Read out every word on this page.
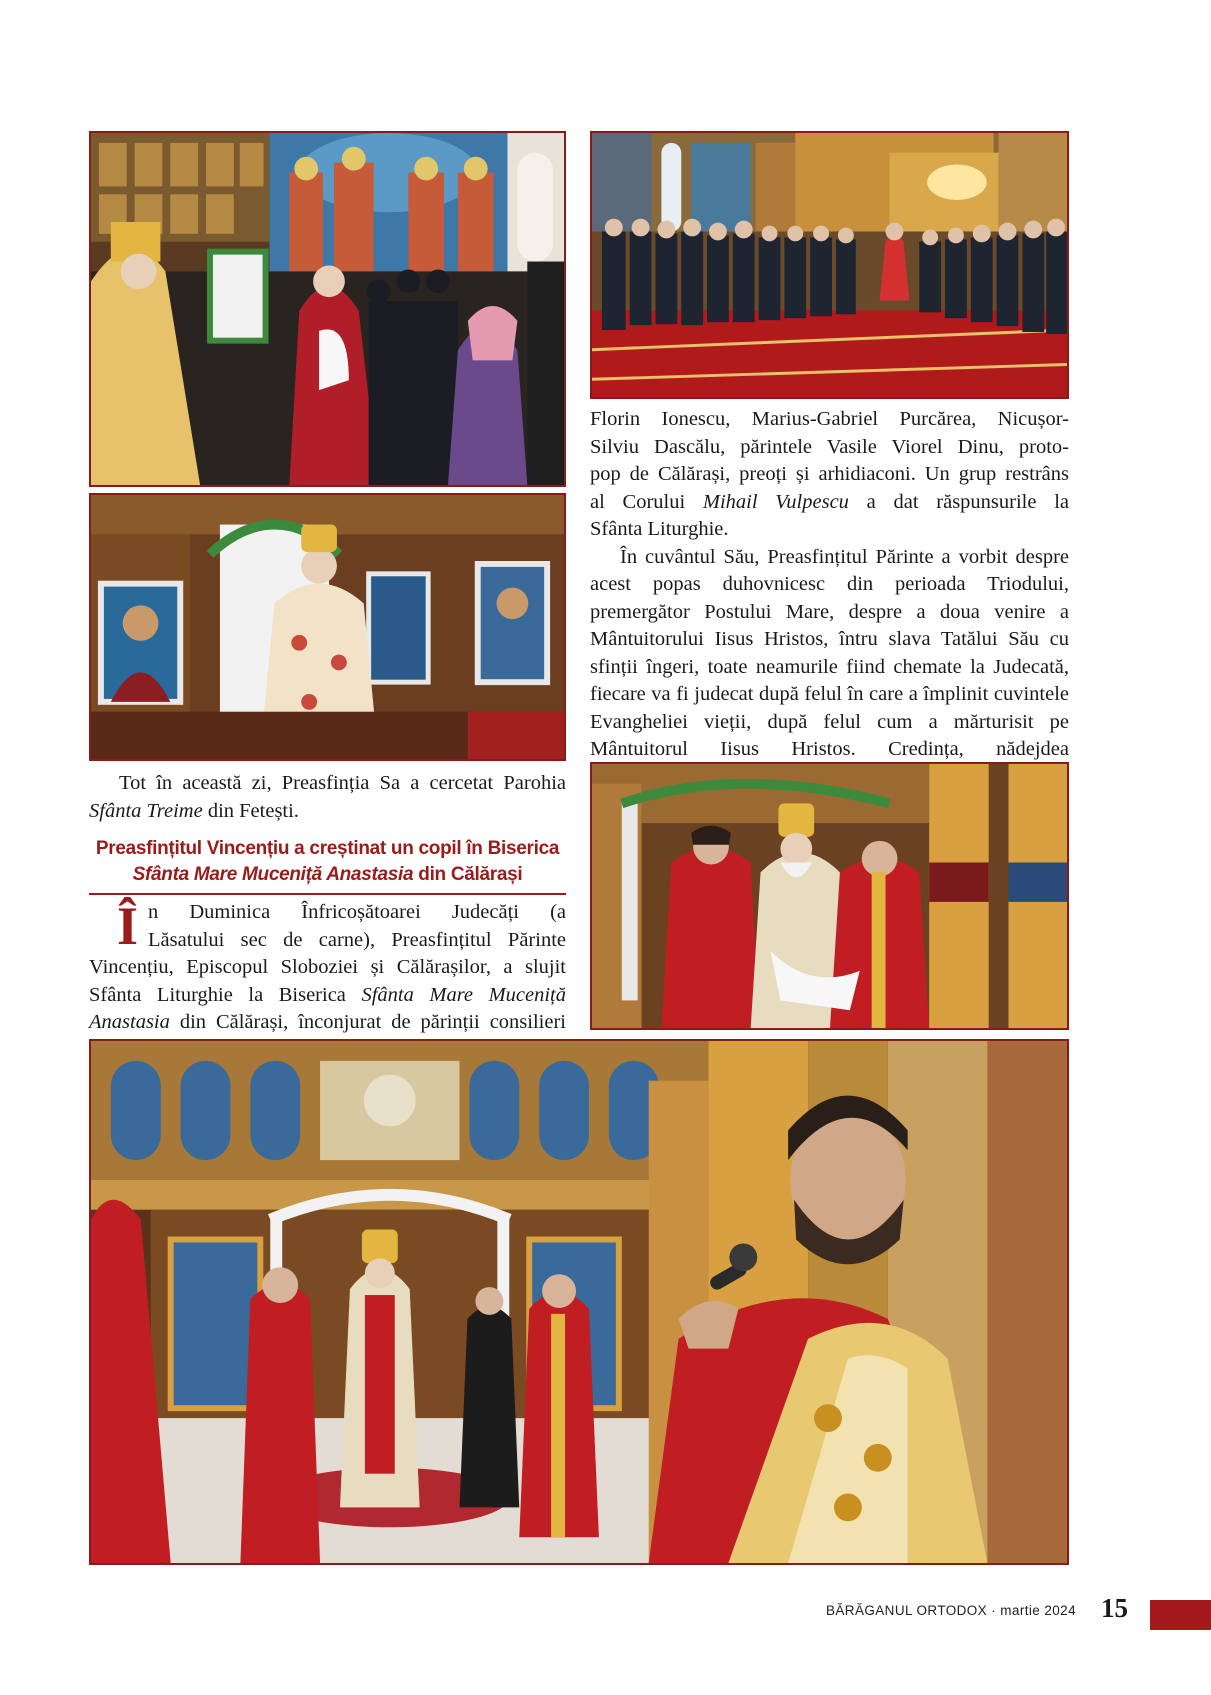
Florin Ionescu, Marius-Gabriel Purcărea, Nicușor-

Silviu Dascălu, părintele Vasile Viorel Dinu, proto-

pop de Călărași, preoți și arhidiaconi. Un grup restrâns

al Corului Mihail Vulpescu a dat răspunsurile la

Sfânta Liturghie.

În cuvântul Său, Preasfințitul Părinte a vorbit despre acest popas duhovnicesc din perioada Triodului, premergător Postului Mare, despre a doua venire a Mântuitorului Iisus Hristos, întru slava Tatălui Său cu sfinții îngeri, toate neamurile fiind chemate la Judecată, fiecare va fi judecat după felul în care a împlinit cuvintele Evangheliei vieții, după felul cum a mărturisit pe Mântuitorul Iisus Hristos. Credința, nădejdea

Tot în această zi, Preasfinția Sa a cercetat Parohia Sfânta Treime din Fetești.

Preasfințitul Vincențiu a creștinat un copil în Biserica
Sfânta Mare Muceniță Anastasia din Călărași
Î n Duminica Înfricoșătoarei Judecăți (a

Lăsatului sec de carne), Preasfințitul Părinte

Vincențiu, Episcopul Sloboziei și Călărașilor, a slujit

Sfânta Liturghie la Biserica Sfânta Mare Muceniță

Anastasia din Călărași, înconjurat de părinții consilieri

BĂRĂGANUL ORTODOX · martie 2024 15
